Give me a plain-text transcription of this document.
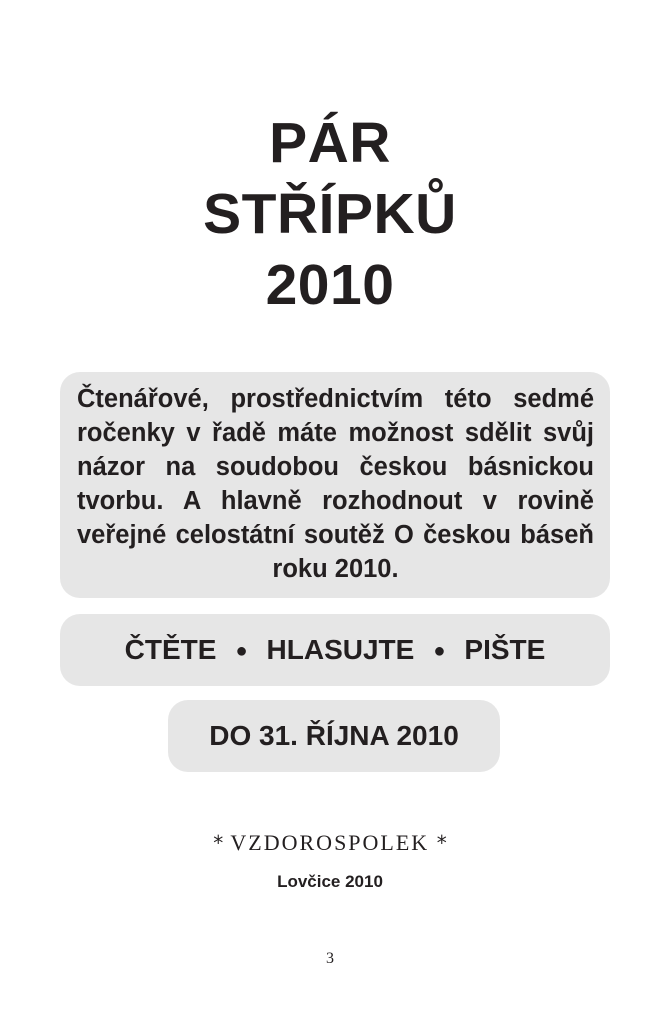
PÁR
STŘÍPKŮ
2010

Čtenářové, prostřednictvím této sedmé ročenky v řadě máte možnost sdělit svůj názor na soudobou českou básnickou tvorbu. A hlavně rozhodnout v rovině veřejné celostátní soutěž O českou báseň roku 2010.

ČTĚTE ● HLASUJTE ● PIŠTE
DO 31. ŘÍJNA 2010
* VZDOROSPOLEK *
Lovčice 2010
3
